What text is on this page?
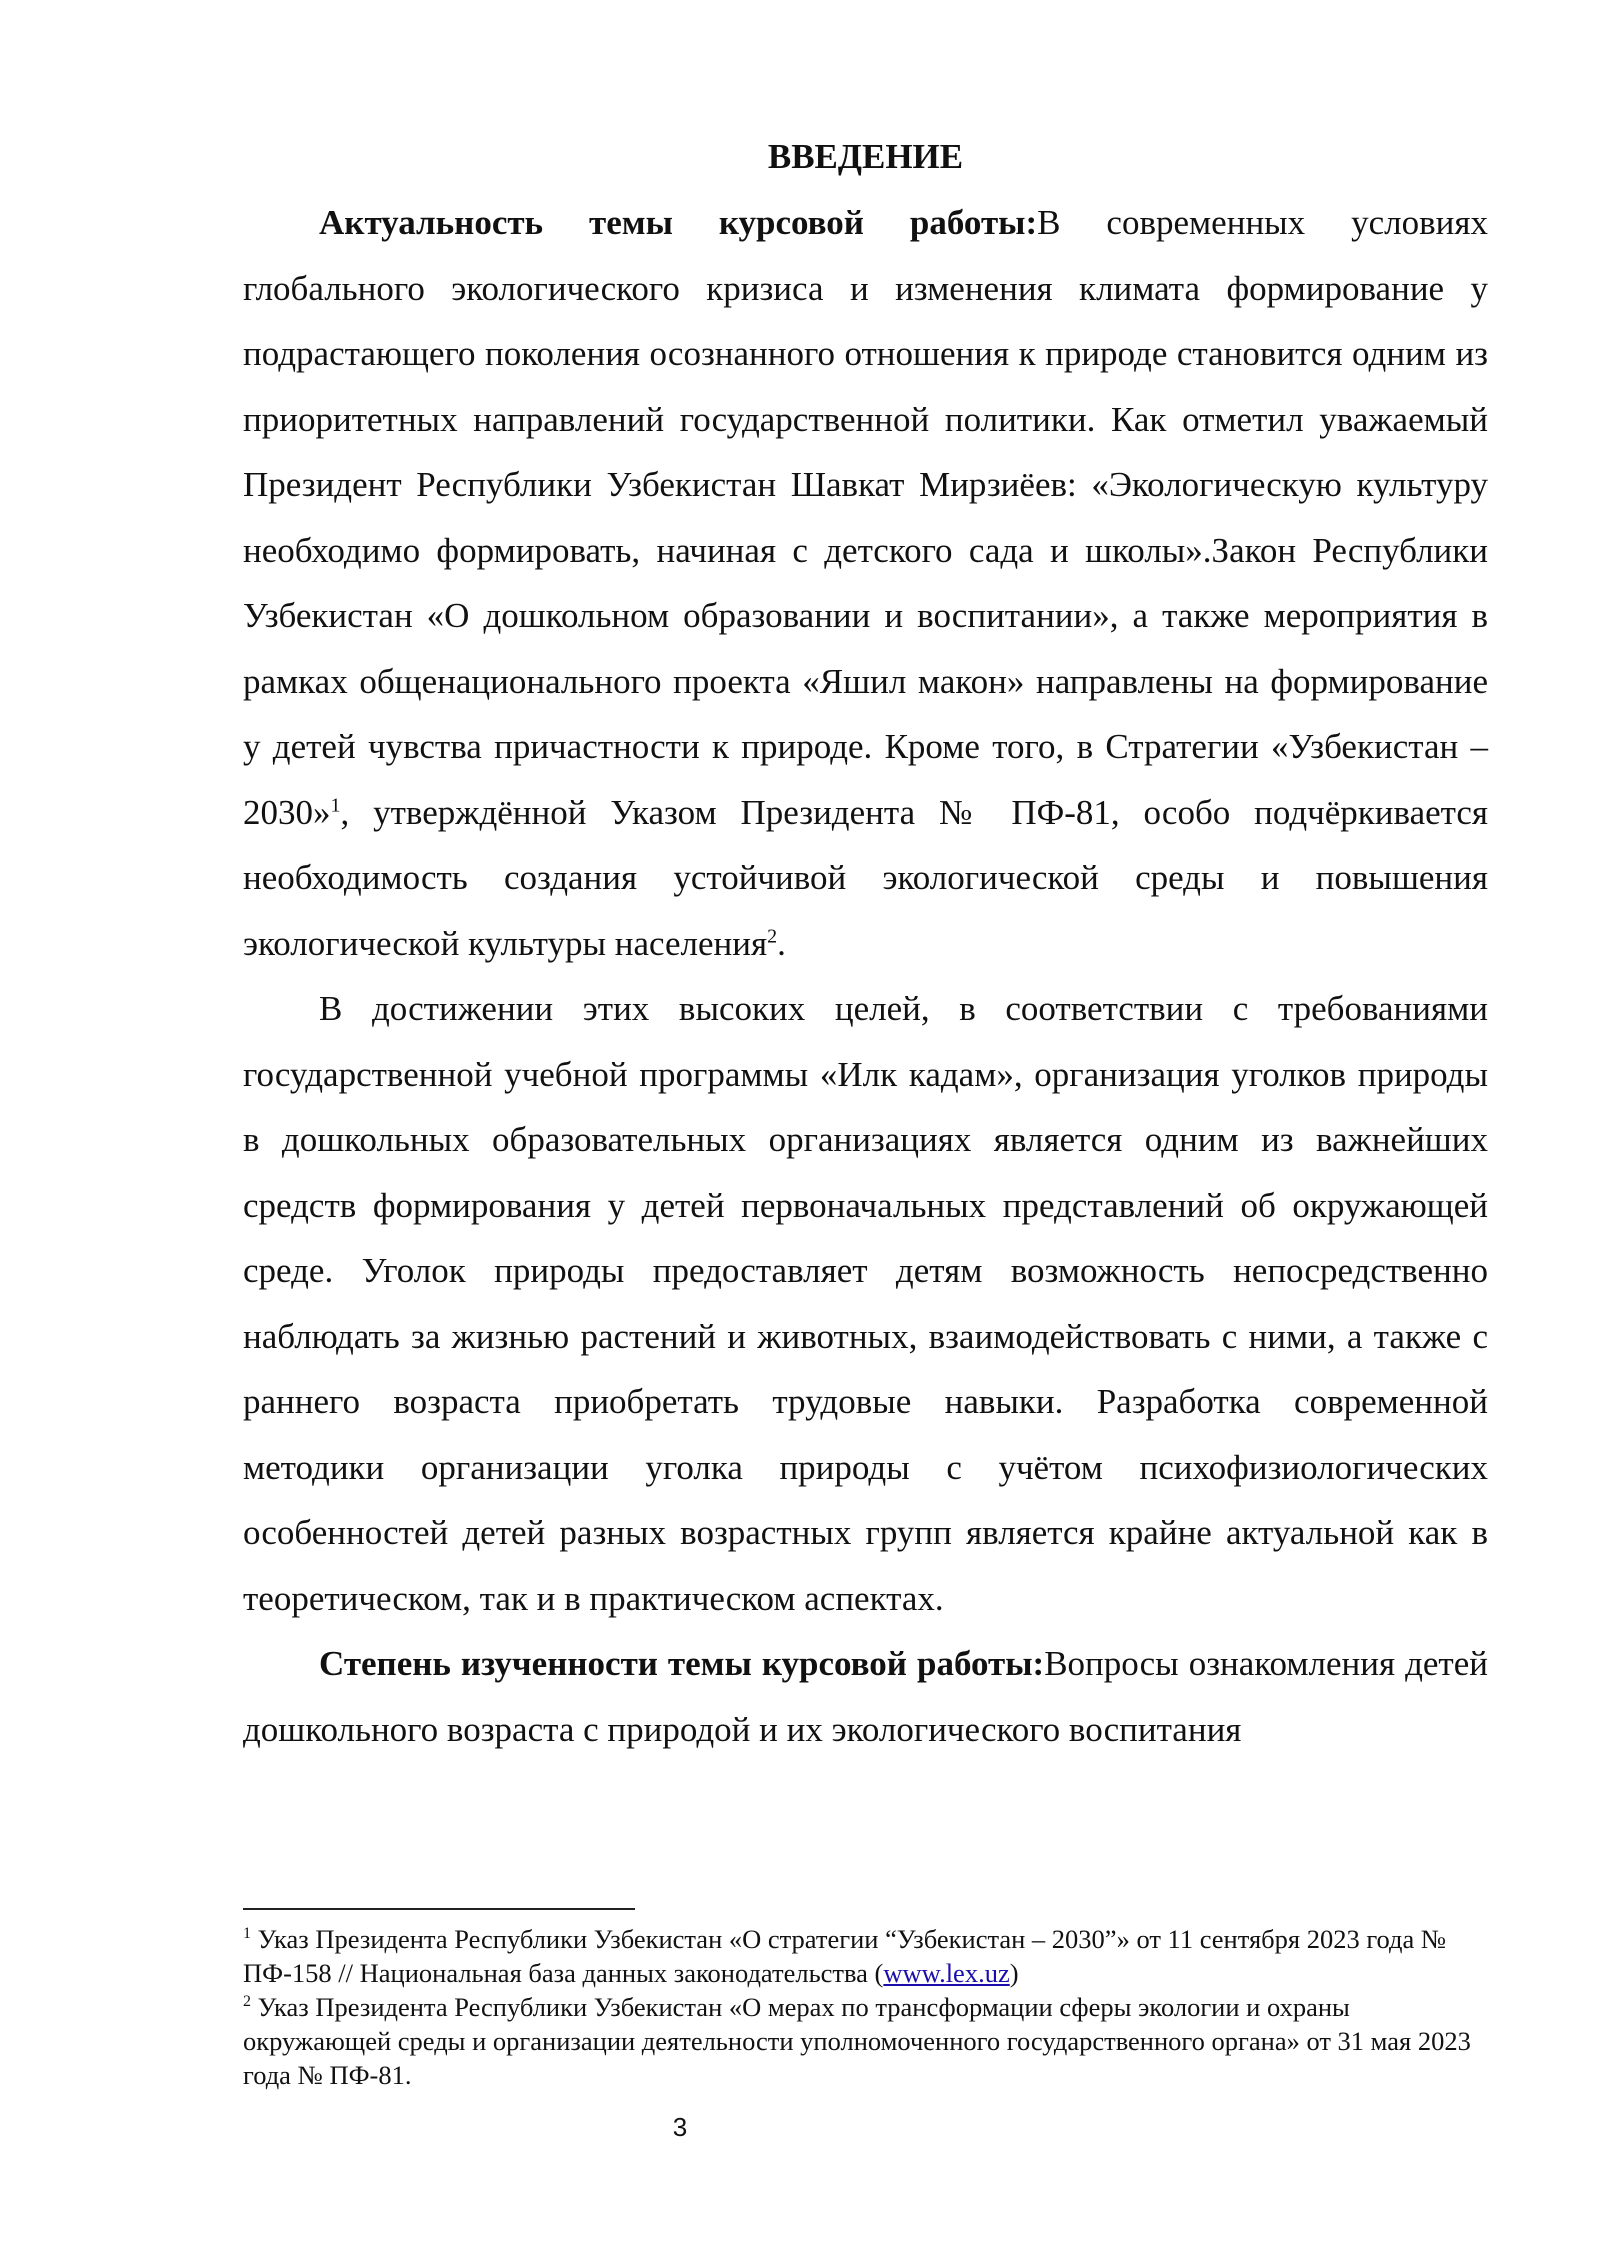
ВВЕДЕНИЕ

Актуальность темы курсовой работы:В современных условиях глобального экологического кризиса и изменения климата формирование у подрастающего поколения осознанного отношения к природе становится одним из приоритетных направлений государственной политики. Как отметил уважаемый Президент Республики Узбекистан Шавкат Мирзиёев: «Экологическую культуру необходимо формировать, начиная с детского сада и школы».Закон Республики Узбекистан «О дошкольном образовании и воспитании», а также мероприятия в рамках общенационального проекта «Яшил макон» направлены на формирование у детей чувства причастности к природе. Кроме того, в Стратегии «Узбекистан – 2030»$^1$, утверждённой Указом Президента № ПФ-81, особо подчёркивается необходимость создания устойчивой экологической среды и повышения экологической культуры населения$^2$.

В достижении этих высоких целей, в соответствии с требованиями государственной учебной программы «Илк кадам», организация уголков природы в дошкольных образовательных организациях является одним из важнейших средств формирования у детей первоначальных представлений об окружающей среде. Уголок природы предоставляет детям возможность непосредственно наблюдать за жизнью растений и животных, взаимодействовать с ними, а также с раннего возраста приобретать трудовые навыки. Разработка современной методики организации уголка природы с учётом психофизиологических особенностей детей разных возрастных групп является крайне актуальной как в теоретическом, так и в практическом аспектах.

Степень изученности темы курсовой работы:Вопросы ознакомления детей дошкольного возраста с природой и их экологического воспитания

$^1$ Указ Президента Республики Узбекистан «О стратегии “Узбекистан – 2030”» от 11 сентября 2023 года № ПФ-158 // Национальная база данных законодательства (www.lex.uz)

$^2$ Указ Президента Республики Узбекистан «О мерах по трансформации сферы экологии и охраны окружающей среды и организации деятельности уполномоченного государственного органа» от 31 мая 2023 года № ПФ-81.

3
